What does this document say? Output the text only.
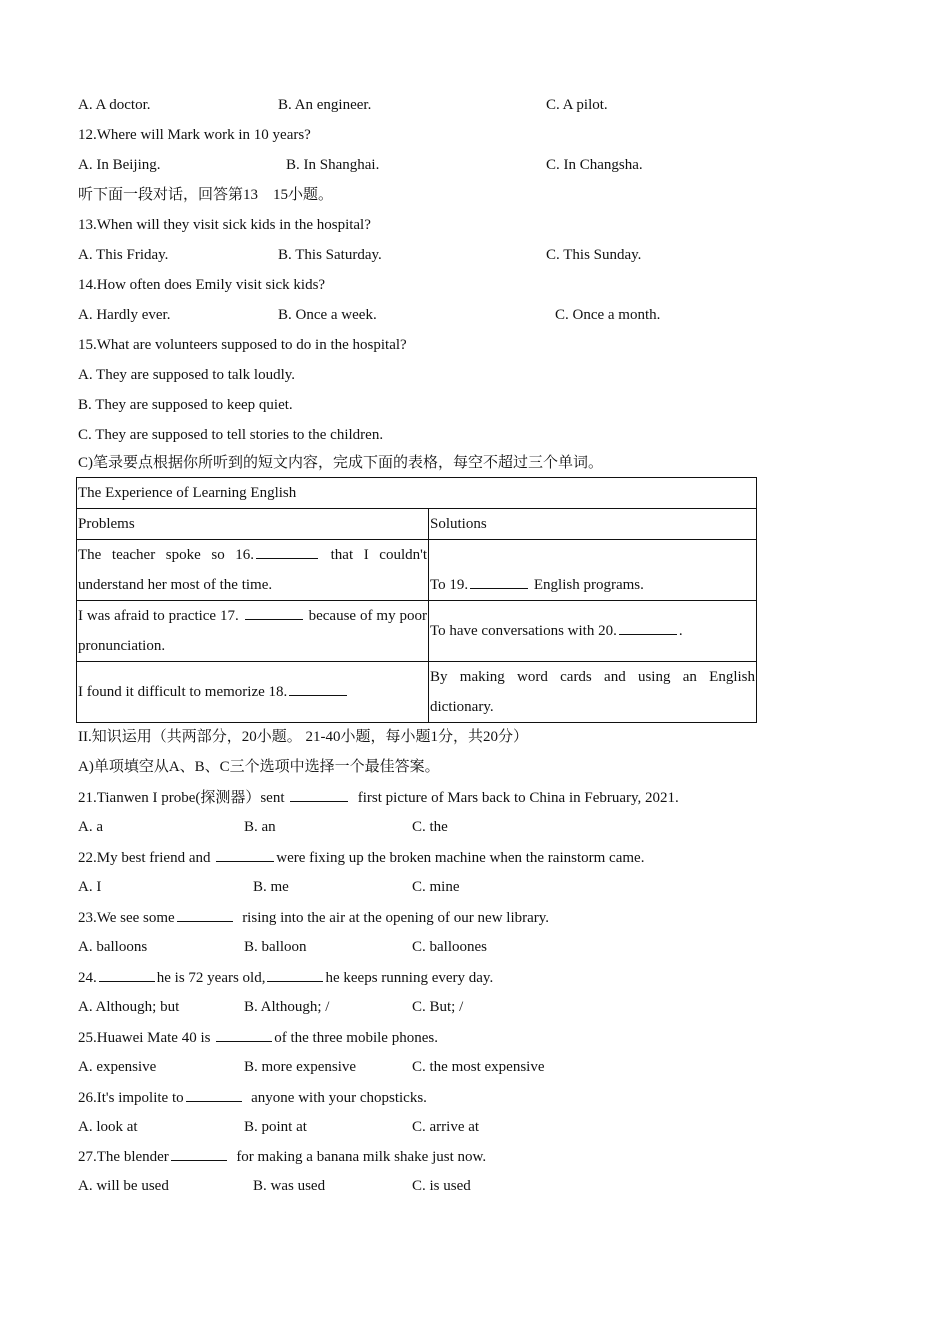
A. A doctor.	B. An engineer.	C. A pilot.
12.Where will Mark work in 10 years?
A. In Beijing.	B. In Shanghai.	C. In Changsha.
听下面一段对话，回答第13　15小题。
13.When will they visit sick kids in the hospital?
A. This Friday.	B. This Saturday.	C. This Sunday.
14.How often does Emily visit sick kids?
A. Hardly ever.	B. Once a week.	C. Once a month.
15.What are volunteers supposed to do in the hospital?
A. They are supposed to talk loudly.
B. They are supposed to keep quiet.
C. They are supposed to tell stories to the children.
C)笔录要点根据你所听到的短文内容，完成下面的表格，每空不超过三个单词。
The Experience of Learning English	
Problems	Solutions
The teacher spoke so 16. that I couldn't understand her most of the time.	To 19. English programs.
I was afraid to practice 17. because of my poor pronunciation.	To have conversations with 20. .
I found it difficult to memorize 18.	By making word cards and using an English dictionary.
II.知识运用（共两部分，20小题。 21-40小题，每小题1分，共20分）
A)单项填空从A、B、C三个选项中选择一个最佳答案。
21.Tianwen I probe(探测器）sent	first picture of Mars back to China in February, 2021.
A. a	B. an	C. the
22.My best friend and	were fixing up the broken machine when the rainstorm came.
A. I	B. me	C. mine
23.We see some	rising into the air at the opening of our new library.
A. balloons	B. balloon	C. balloones
24.	he is 72 years old,	he keeps running every day.
A. Although; but	B. Although; /	C. But; /
25.Huawei Mate 40 is	of the three mobile phones.
A. expensive	B. more expensive	C. the most expensive
26.It's impolite to	anyone with your chopsticks.
A. look at	B. point at	C. arrive at
27.The blender	for making a banana milk shake just now.
A. will be used	B. was used	C. is used
